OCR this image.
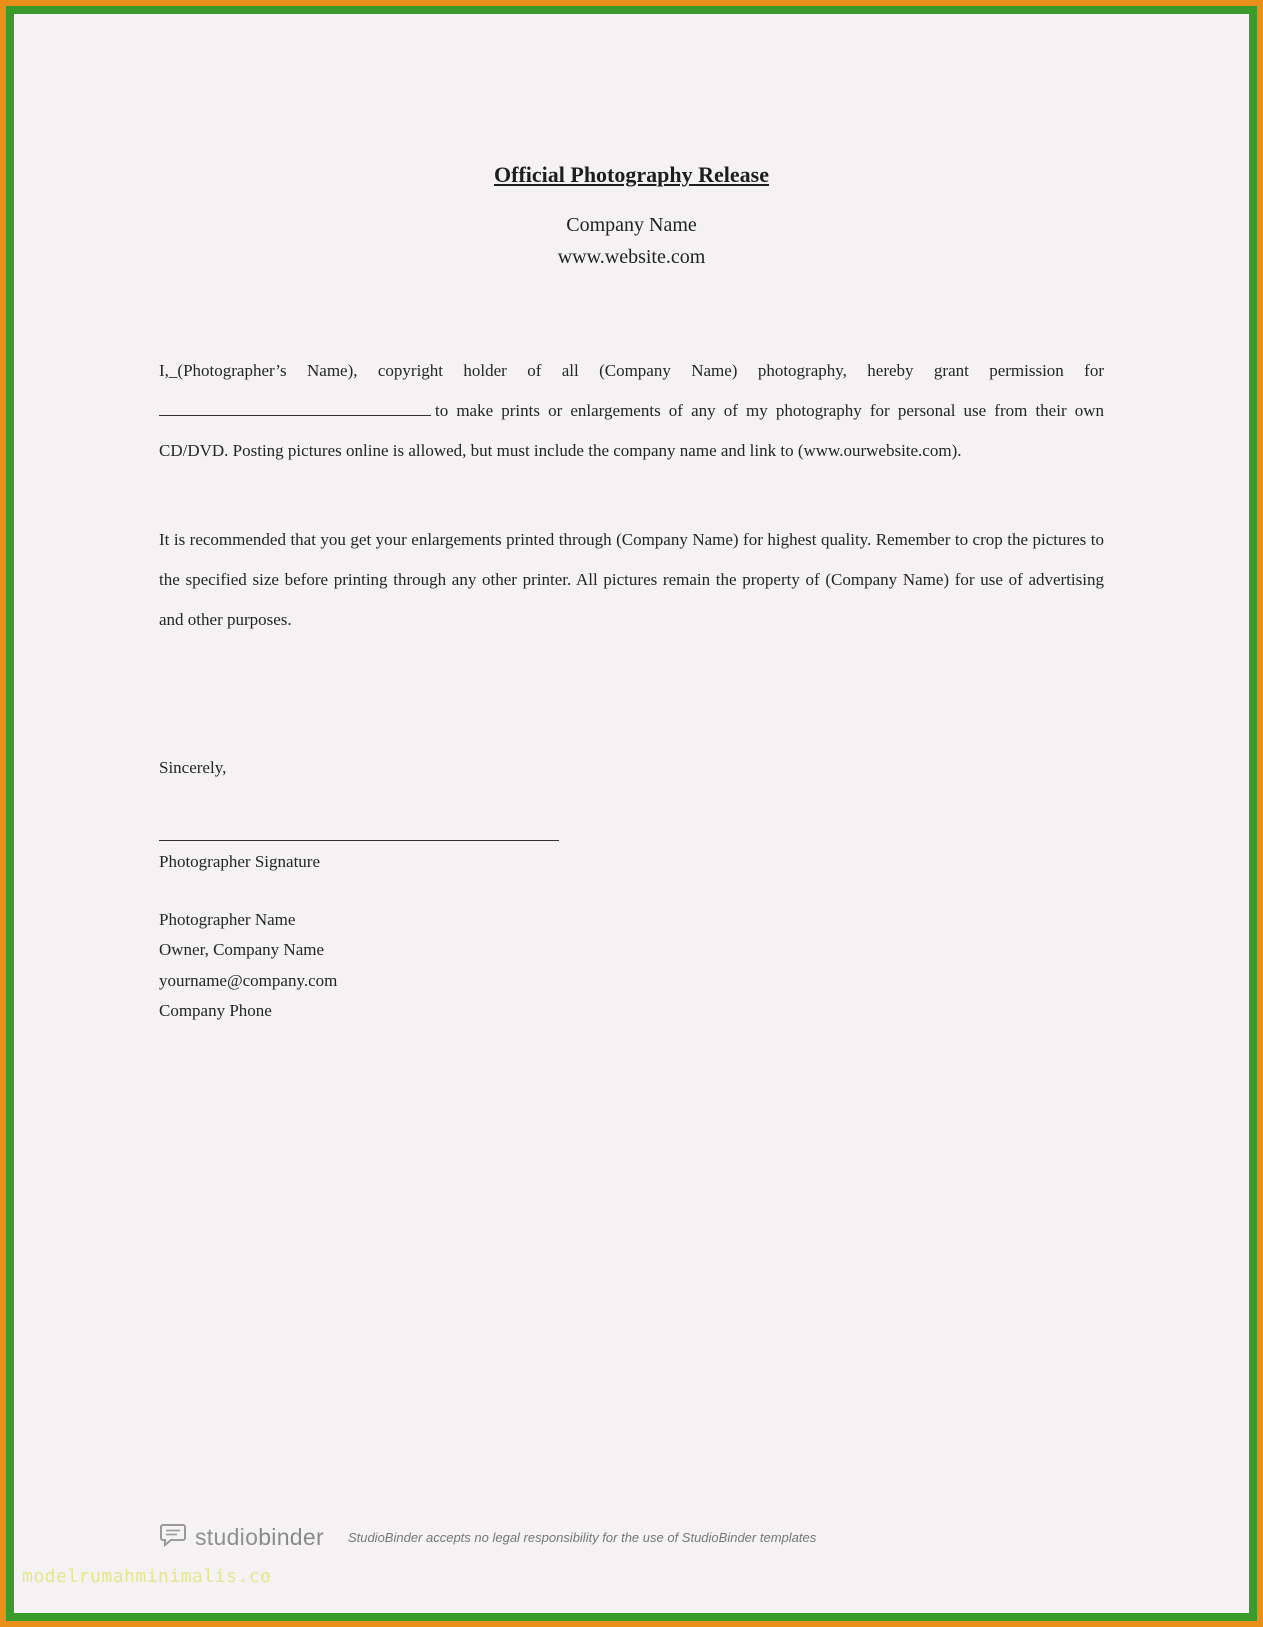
Official Photography Release
Company Name
www.website.com
I,_(Photographer’s Name), copyright holder of all (Company Name) photography, hereby grant permission for to make prints or enlargements of any of my photography for personal use from their own CD/DVD. Posting pictures online is allowed, but must include the company name and link to (www.ourwebsite.com).
It is recommended that you get your enlargements printed through (Company Name) for highest quality. Remember to crop the pictures to the specified size before printing through any other printer. All pictures remain the property of (Company Name) for use of advertising and other purposes.
Sincerely,
Photographer Signature
Photographer Name
Owner, Company Name
yourname@company.com
Company Phone
studiobinder StudioBinder accepts no legal responsibility for the use of StudioBinder templates
modelrumahminimalis.co
